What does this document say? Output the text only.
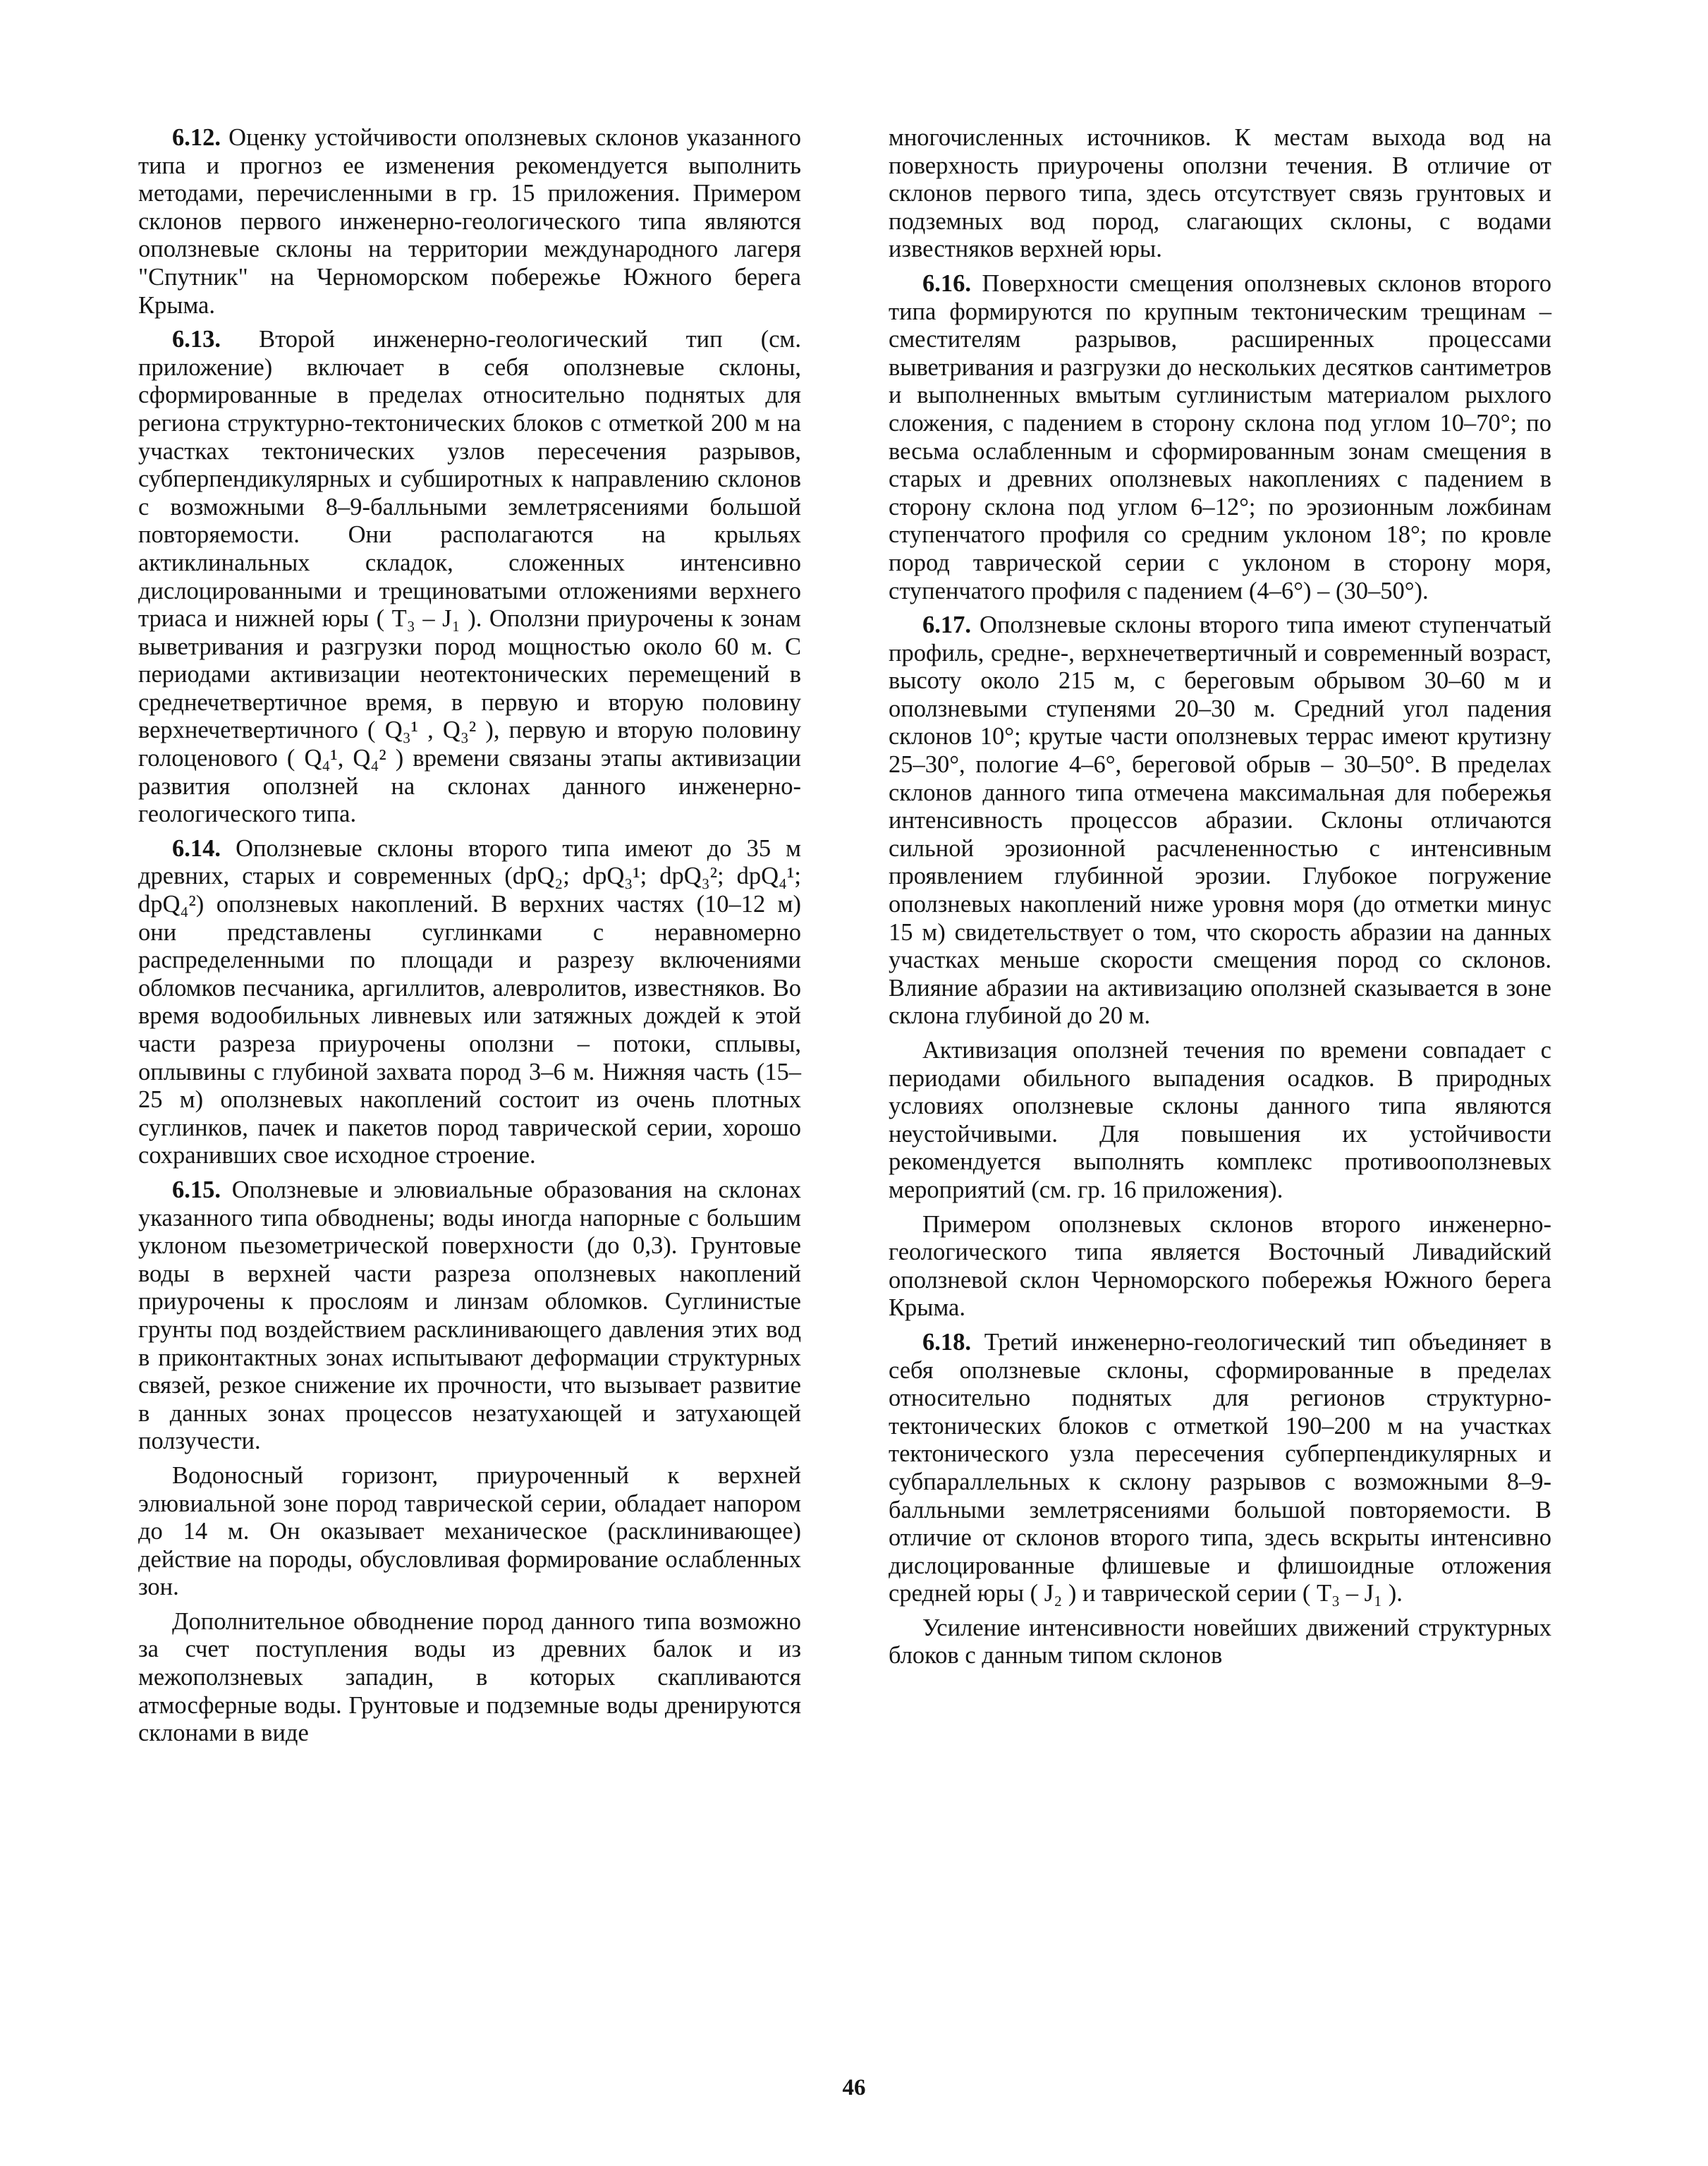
6.12. Оценку устойчивости оползневых склонов указанного типа и прогноз ее изменения рекомендуется выполнить методами, перечисленными в гр. 15 приложения. Примером склонов первого инженерно-геологического типа являются оползневые склоны на территории международного лагеря "Спутник" на Черноморском побережье Южного берега Крыма.

6.13. Второй инженерно-геологический тип (см. приложение) включает в себя оползневые склоны, сформированные в пределах относительно поднятых для региона структурно-тектонических блоков с отметкой 200 м на участках тектонических узлов пересечения разрывов, субперпендикулярных и субширотных к направлению склонов с возможными 8–9-балльными землетрясениями большой повторяемости. Они располагаются на крыльях актиклинальных складок, сложенных интенсивно дислоцированными и трещиноватыми отложениями верхнего триаса и нижней юры ( T₃ – J₁ ). Оползни приурочены к зонам выветривания и разгрузки пород мощностью около 60 м. С периодами активизации неотектонических перемещений в среднечетвертичное время, в первую и вторую половину верхнечетвертичного ( Q₃¹ , Q₃² ), первую и вторую половину голоценового ( Q₄¹, Q₄² ) времени связаны этапы активизации развития оползней на склонах данного инженерно-геологического типа.

6.14. Оползневые склоны второго типа имеют до 35 м древних, старых и современных (dpQ₂; dpQ₃¹; dpQ₃²; dpQ₄¹; dpQ₄²) оползневых накоплений. В верхних частях (10–12 м) они представлены суглинками с неравномерно распределенными по площади и разрезу включениями обломков песчаника, аргиллитов, алевролитов, известняков. Во время водообильных ливневых или затяжных дождей к этой части разреза приурочены оползни – потоки, сплывы, оплывины с глубиной захвата пород 3–6 м. Нижняя часть (15–25 м) оползневых накоплений состоит из очень плотных суглинков, пачек и пакетов пород таврической серии, хорошо сохранивших свое исходное строение.

6.15. Оползневые и элювиальные образования на склонах указанного типа обводнены; воды иногда напорные с большим уклоном пьезометрической поверхности (до 0,3). Грунтовые воды в верхней части разреза оползневых накоплений приурочены к прослоям и линзам обломков. Суглинистые грунты под воздействием расклинивающего давления этих вод в приконтактных зонах испытывают деформации структурных связей, резкое снижение их прочности, что вызывает развитие в данных зонах процессов незатухающей и затухающей ползучести.

Водоносный горизонт, приуроченный к верхней элювиальной зоне пород таврической серии, обладает напором до 14 м. Он оказывает механическое (расклинивающее) действие на породы, обусловливая формирование ослабленных зон.

Дополнительное обводнение пород данного типа возможно за счет поступления воды из древних балок и из межоползневых западин, в которых скапливаются атмосферные воды. Грунтовые и подземные воды дренируются склонами в виде

многочисленных источников. К местам выхода вод на поверхность приурочены оползни течения. В отличие от склонов первого типа, здесь отсутствует связь грунтовых и подземных вод пород, слагающих склоны, с водами известняков верхней юры.

6.16. Поверхности смещения оползневых склонов второго типа формируются по крупным тектоническим трещинам – сместителям разрывов, расширенных процессами выветривания и разгрузки до нескольких десятков сантиметров и выполненных вмытым суглинистым материалом рыхлого сложения, с падением в сторону склона под углом 10–70°; по весьма ослабленным и сформированным зонам смещения в старых и древних оползневых накоплениях с падением в сторону склона под углом 6–12°; по эрозионным ложбинам ступенчатого профиля со средним уклоном 18°; по кровле пород таврической серии с уклоном в сторону моря, ступенчатого профиля с падением (4–6°) – (30–50°).

6.17. Оползневые склоны второго типа имеют ступенчатый профиль, средне-, верхнечетвертичный и современный возраст, высоту около 215 м, с береговым обрывом 30–60 м и оползневыми ступенями 20–30 м. Средний угол падения склонов 10°; крутые части оползневых террас имеют крутизну 25–30°, пологие 4–6°, береговой обрыв – 30–50°. В пределах склонов данного типа отмечена максимальная для побережья интенсивность процессов абразии. Склоны отличаются сильной эрозионной расчлененностью с интенсивным проявлением глубинной эрозии. Глубокое погружение оползневых накоплений ниже уровня моря (до отметки минус 15 м) свидетельствует о том, что скорость абразии на данных участках меньше скорости смещения пород со склонов. Влияние абразии на активизацию оползней сказывается в зоне склона глубиной до 20 м.

Активизация оползней течения по времени совпадает с периодами обильного выпадения осадков. В природных условиях оползневые склоны данного типа являются неустойчивыми. Для повышения их устойчивости рекомендуется выполнять комплекс противооползневых мероприятий (см. гр. 16 приложения).

Примером оползневых склонов второго инженерно-геологического типа является Восточный Ливадийский оползневой склон Черноморского побережья Южного берега Крыма.

6.18. Третий инженерно-геологический тип объединяет в себя оползневые склоны, сформированные в пределах относительно поднятых для регионов структурно-тектонических блоков с отметкой 190–200 м на участках тектонического узла пересечения субперпендикулярных и субпараллельных к склону разрывов с возможными 8–9-балльными землетрясениями большой повторяемости. В отличие от склонов второго типа, здесь вскрыты интенсивно дислоцированные флишевые и флишоидные отложения средней юры ( J₂ ) и таврической серии ( T₃ – J₁ ).

Усиление интенсивности новейших движений структурных блоков с данным типом склонов

46
